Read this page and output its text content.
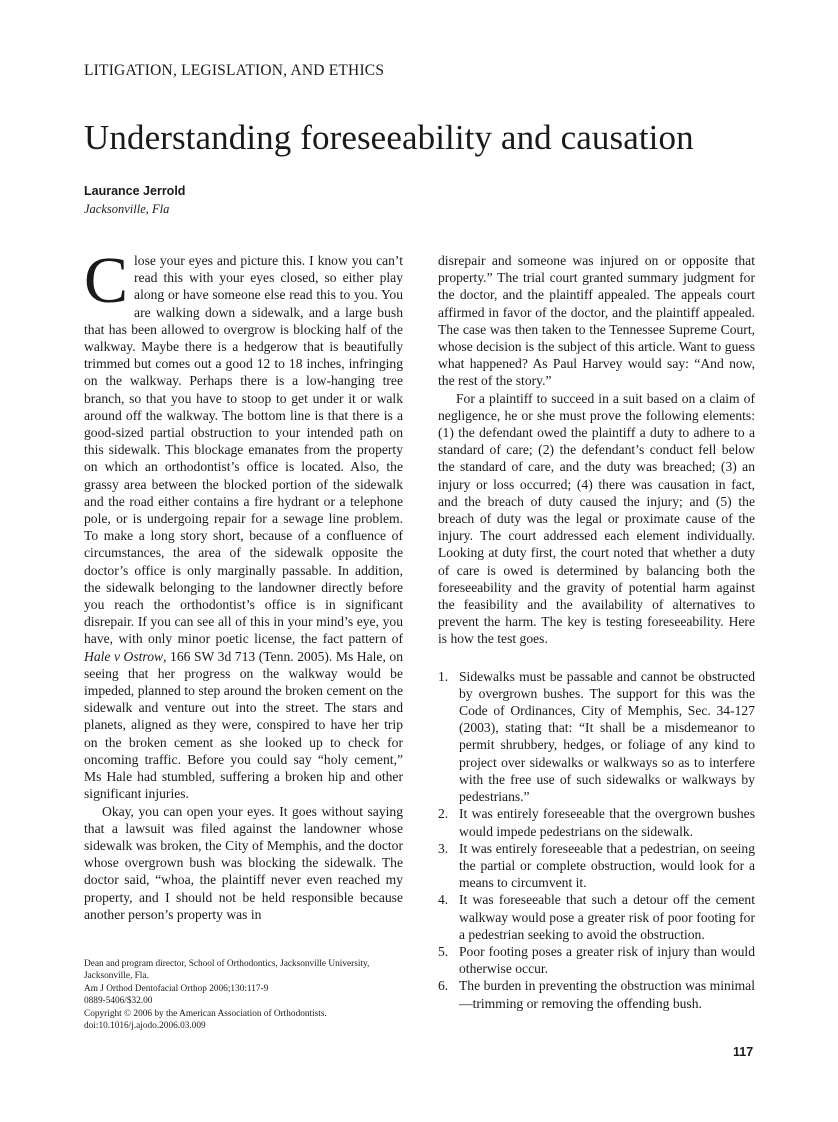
LITIGATION, LEGISLATION, AND ETHICS
Understanding foreseeability and causation
Laurance Jerrold
Jacksonville, Fla

Close your eyes and picture this. I know you can’t read this with your eyes closed, so either play along or have someone else read this to you. You are walking down a sidewalk, and a large bush that has been allowed to overgrow is blocking half of the walkway. Maybe there is a hedgerow that is beautifully trimmed but comes out a good 12 to 18 inches, infringing on the walkway. Perhaps there is a low-hanging tree branch, so that you have to stoop to get under it or walk around off the walkway. The bottom line is that there is a good-sized partial obstruction to your intended path on this sidewalk. This blockage emanates from the property on which an orthodontist’s office is located. Also, the grassy area between the blocked portion of the sidewalk and the road either contains a fire hydrant or a telephone pole, or is undergoing repair for a sewage line problem. To make a long story short, because of a confluence of circumstances, the area of the sidewalk opposite the doctor’s office is only marginally passable. In addition, the sidewalk belonging to the landowner directly before you reach the orthodontist’s office is in significant disrepair. If you can see all of this in your mind’s eye, you have, with only minor poetic license, the fact pattern of Hale v Ostrow, 166 SW 3d 713 (Tenn. 2005). Ms Hale, on seeing that her progress on the walkway would be impeded, planned to step around the broken cement on the sidewalk and venture out into the street. The stars and planets, aligned as they were, conspired to have her trip on the broken cement as she looked up to check for oncoming traffic. Before you could say “holy cement,” Ms Hale had stumbled, suffering a broken hip and other significant injuries.

Okay, you can open your eyes. It goes without saying that a lawsuit was filed against the landowner whose sidewalk was broken, the City of Memphis, and the doctor whose overgrown bush was blocking the sidewalk. The doctor said, “whoa, the plaintiff never even reached my property, and I should not be held responsible because another person’s property was in

disrepair and someone was injured on or opposite that property.” The trial court granted summary judgment for the doctor, and the plaintiff appealed. The appeals court affirmed in favor of the doctor, and the plaintiff appealed. The case was then taken to the Tennessee Supreme Court, whose decision is the subject of this article. Want to guess what happened? As Paul Harvey would say: “And now, the rest of the story.”

For a plaintiff to succeed in a suit based on a claim of negligence, he or she must prove the following elements: (1) the defendant owed the plaintiff a duty to adhere to a standard of care; (2) the defendant’s conduct fell below the standard of care, and the duty was breached; (3) an injury or loss occurred; (4) there was causation in fact, and the breach of duty caused the injury; and (5) the breach of duty was the legal or proximate cause of the injury. The court addressed each element individually. Looking at duty first, the court noted that whether a duty of care is owed is determined by balancing both the foreseeability and the gravity of potential harm against the feasibility and the availability of alternatives to prevent the harm. The key is testing foreseeability. Here is how the test goes.

1. Sidewalks must be passable and cannot be obstructed by overgrown bushes. The support for this was the Code of Ordinances, City of Memphis, Sec. 34-127 (2003), stating that: “It shall be a misdemeanor to permit shrubbery, hedges, or foliage of any kind to project over sidewalks or walkways so as to interfere with the free use of such sidewalks or walkways by pedestrians.”
2. It was entirely foreseeable that the overgrown bushes would impede pedestrians on the sidewalk.
3. It was entirely foreseeable that a pedestrian, on seeing the partial or complete obstruction, would look for a means to circumvent it.
4. It was foreseeable that such a detour off the cement walkway would pose a greater risk of poor footing for a pedestrian seeking to avoid the obstruction.
5. Poor footing poses a greater risk of injury than would otherwise occur.
6. The burden in preventing the obstruction was minimal—trimming or removing the offending bush.
Dean and program director, School of Orthodontics, Jacksonville University,
Jacksonville, Fla.
Am J Orthod Dentofacial Orthop 2006;130:117-9
0889-5406/$32.00
Copyright © 2006 by the American Association of Orthodontists.
doi:10.1016/j.ajodo.2006.03.009
117
